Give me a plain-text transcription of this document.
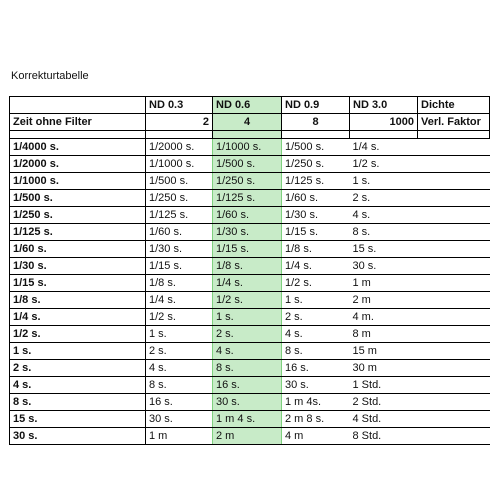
Korrekturtabelle
	ND 0.3	ND 0.6	ND 0.9	ND 3.0	Dichte
Zeit ohne Filter	2	4	8	1000	Verl. Faktor

1/4000 s.	1/2000 s.	1/1000 s.	1/500 s.	1/4 s.	
1/2000 s.	1/1000 s.	1/500 s.	1/250 s.	1/2 s.	
1/1000 s.	1/500 s.	1/250 s.	1/125 s.	1 s.	
1/500 s.	1/250 s.	1/125 s.	1/60 s.	2 s.	
1/250 s.	1/125 s.	1/60 s.	1/30 s.	4 s.	
1/125 s.	1/60 s.	1/30 s.	1/15 s.	8 s.	
1/60 s.	1/30 s.	1/15 s.	1/8 s.	15 s.	
1/30 s.	1/15 s.	1/8 s.	1/4 s.	30 s.	
1/15 s.	1/8 s.	1/4 s.	1/2 s.	1 m	
1/8 s.	1/4 s.	1/2 s.	1 s.	2 m	
1/4 s.	1/2 s.	1 s.	2 s.	4 m.	
1/2 s.	1 s.	2 s.	4 s.	8 m	
1 s.	2 s.	4 s.	8 s.	15 m	
2 s.	4 s.	8 s.	16 s.	30 m	
4 s.	8 s.	16 s.	30 s.	1 Std.	
8 s.	16 s.	30 s.	1 m 4s.	2 Std.	
15 s.	30 s.	1 m 4 s.	2 m 8 s.	4 Std.	
30 s.	1 m	2 m	4 m	8 Std.	
